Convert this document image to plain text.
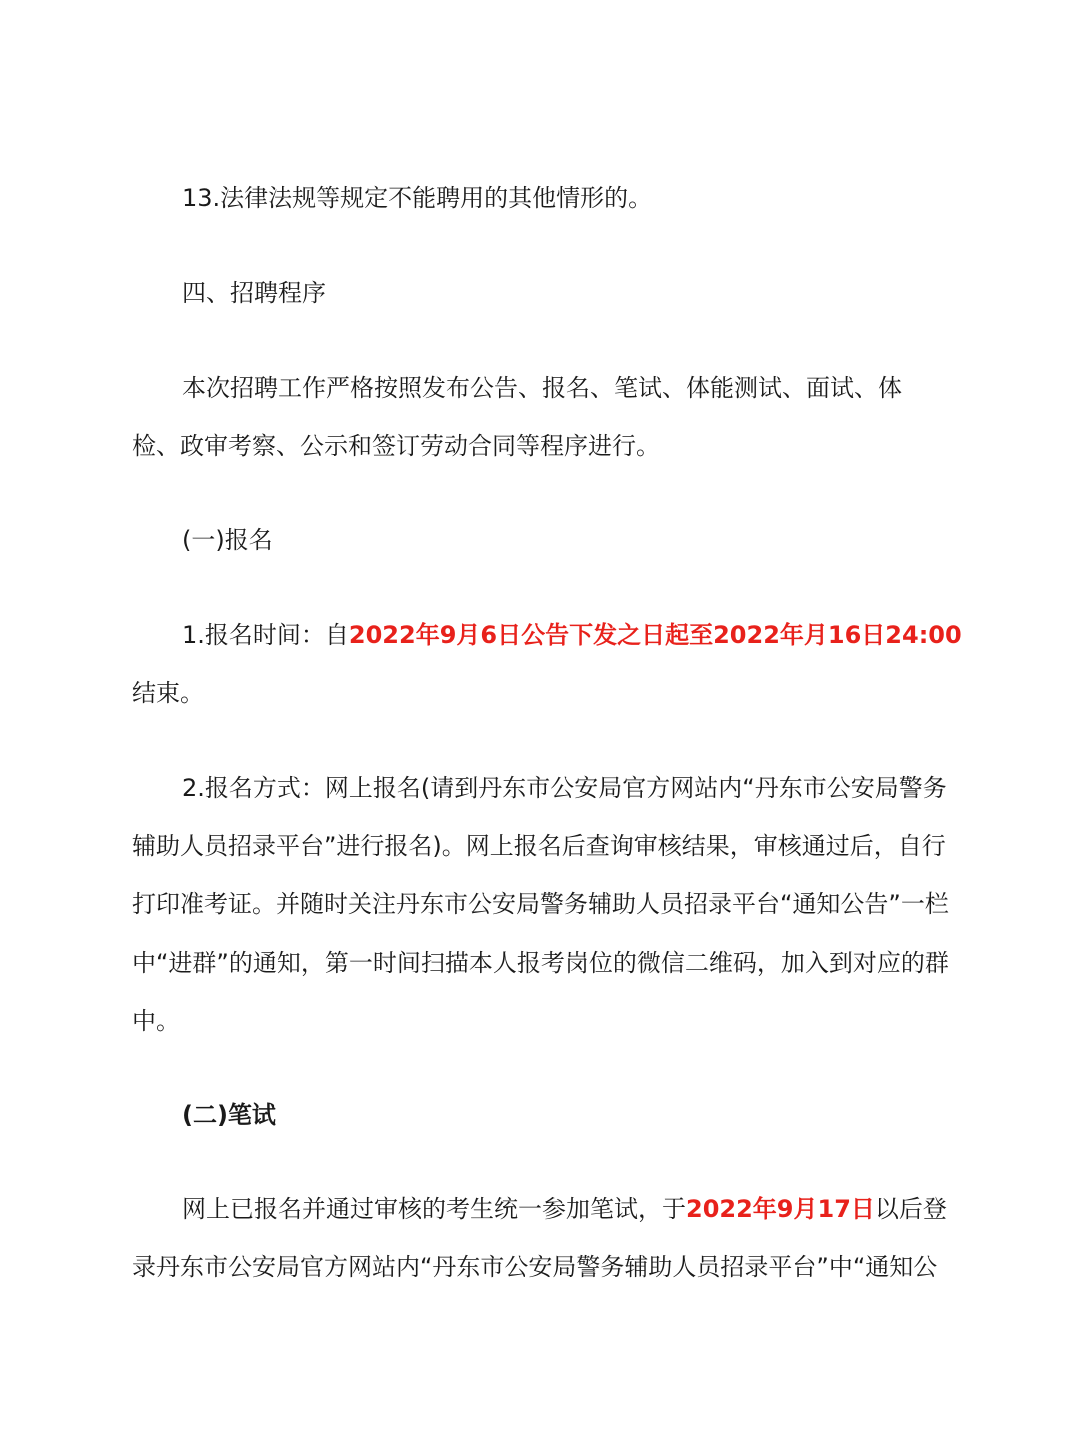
13.法律法规等规定不能聘用的其他情形的。
四、招聘程序
本次招聘工作严格按照发布公告、报名、笔试、体能测试、面试、体
检、政审考察、公示和签订劳动合同等程序进行。
(一)报名
1.报名时间：自2022年9月6日公告下发之日起至2022年月16日24:00
结束。
2.报名方式：网上报名(请到丹东市公安局官方网站内“丹东市公安局警务
辅助人员招录平台”进行报名)。网上报名后查询审核结果，审核通过后，自行
打印准考证。并随时关注丹东市公安局警务辅助人员招录平台“通知公告”一栏
中“进群”的通知，第一时间扫描本人报考岗位的微信二维码，加入到对应的群
中。
(二)笔试
网上已报名并通过审核的考生统一参加笔试，于2022年9月17日以后登
录丹东市公安局官方网站内“丹东市公安局警务辅助人员招录平台”中“通知公
